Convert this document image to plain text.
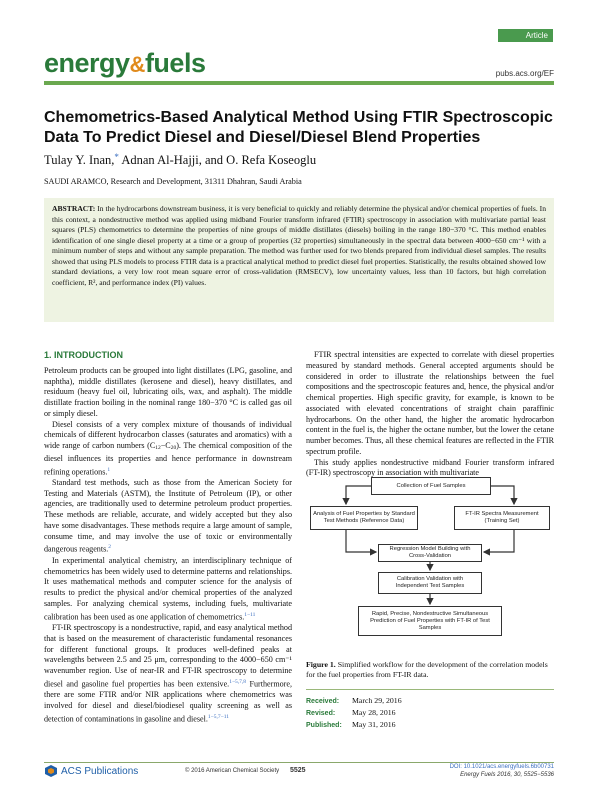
Article
energy&fuels	pubs.acs.org/EF
Chemometrics-Based Analytical Method Using FTIR Spectroscopic Data To Predict Diesel and Diesel/Diesel Blend Properties
Tulay Y. Inan,* Adnan Al-Hajji, and O. Refa Koseoglu
SAUDI ARAMCO, Research and Development, 31311 Dhahran, Saudi Arabia
ABSTRACT: In the hydrocarbons downstream business, it is very beneficial to quickly and reliably determine the physical and/or chemical properties of fuels. In this context, a nondestructive method was applied using midband Fourier transform infrared (FTIR) spectroscopy in association with multivariate partial least squares (PLS) chemometrics to determine the properties of nine groups of middle distillates (diesels) boiling in the range 180−370 °C. This method enables identification of one single diesel property at a time or a group of properties (32 properties) simultaneously in the spectral data between 4000−650 cm⁻¹ with a minimum number of steps and without any sample preparation. The method was further used for two blends prepared from individual diesel samples. The results showed that using PLS models to process FTIR data is a practical analytical method to predict diesel fuel properties. Statistically, the results obtained showed low standard deviations, a very low root mean square error of cross-validation (RMSECV), low uncertainty values, less than 10 factors, but high correlation coefficient, R², and performance index (PI) values.
1. INTRODUCTION

Petroleum products can be grouped into light distillates (LPG, gasoline, and naphtha), middle distillates (kerosene and diesel), heavy distillates, and residuum (heavy fuel oil, lubricating oils, wax, and asphalt). The middle distillate fraction boiling in the nominal range 180−370 °C is called gas oil or simply diesel.

Diesel consists of a very complex mixture of thousands of individual chemicals of different hydrocarbon classes (saturates and aromatics) with a wide range of carbon numbers (C12−C20). The chemical composition of the diesel influences its properties and hence performance in downstream refining operations.$^1$

Standard test methods, such as those from the American Society for Testing and Materials (ASTM), the Institute of Petroleum (IP), or other agencies, are traditionally used to determine petroleum product properties. These methods are reliable, accurate, and widely accepted but they also have some disadvantages. These methods require a large amount of sample, consume time, and may involve the use of toxic or environmentally dangerous reagents.$^2$

In experimental analytical chemistry, an interdisciplinary technique of chemometrics has been widely used to determine patterns and relationships. It uses mathematical methods and computer science for the analysis of results to predict the physical and/or chemical properties of the analyzed samples. For analyzing chemical systems, including fuels, multivariate calibration has been used as one application of chemometrics.$^{1-11}$

FT-IR spectroscopy is a nondestructive, rapid, and easy analytical method that is based on the measurement of characteristic fundamental resonances for different functional groups. It produces well-defined peaks at wavelengths between 2.5 and 25 μm, corresponding to the 4000−650 cm⁻¹ wavenumber region. Use of near-IR and FT-IR spectroscopy to determine diesel and gasoline fuel properties has been extensive.$^{1-5,7,8}$ Furthermore, there are some FTIR and/or NIR applications where chemometrics was involved for diesel and diesel/biodiesel quality screening as well as detection of contaminations in gasoline and diesel.$^{1-5,7-11}$

FTIR spectral intensities are expected to correlate with diesel properties measured by standard methods. General accepted arguments should be considered in order to illustrate the relationships between the fuel compositions and the spectroscopic features and, hence, the physical and/or chemical properties. High specific gravity, for example, is known to be associated with elevated concentrations of straight chain paraffinic hydrocarbons. On the other hand, the higher the aromatic hydrocarbon content in the fuel is, the higher the octane number, but the lower the cetane number becomes. Thus, all these chemical features are reflected in the FTIR spectrum profile.

This study applies nondestructive midband Fourier transform infrared (FT-IR) spectroscopy in association with multivariate

Collection of Fuel Samples
Analysis of Fuel Properties by Standard Test Methods (Reference Data)
FT-IR Spectra Measurement (Training Set)
Regression Model Building with Cross-Validation
Calibration Validation with Independent Test Samples
Rapid, Precise, Nondestructive Simultaneous Prediction of Fuel Properties with FT-IR of Test Samples
Figure 1. Simplified workflow for the development of the correlation models for the fuel properties from FT-IR data.
Received: March 29, 2016
Revised: May 28, 2016
Published: May 31, 2016
ACS Publications	© 2016 American Chemical Society 5525	DOI: 10.1021/acs.energyfuels.6b00731
Energy Fuels 2016, 30, 5525−5536
